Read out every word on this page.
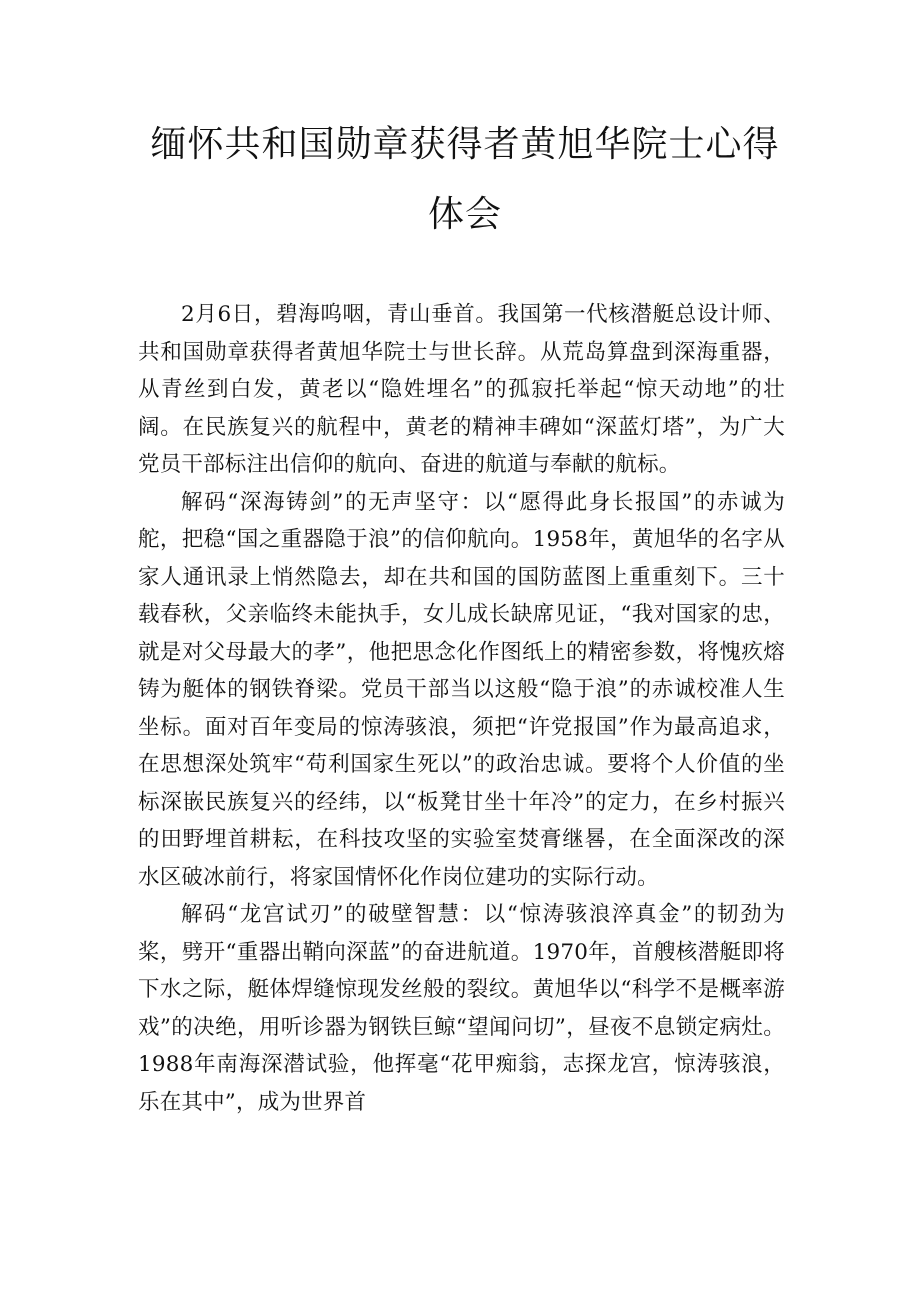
缅怀共和国勋章获得者黄旭华院士心得体会

2月6日，碧海呜咽，青山垂首。我国第一代核潜艇总设计师、共和国勋章获得者黄旭华院士与世长辞。从荒岛算盘到深海重器，从青丝到白发，黄老以“隐姓埋名”的孤寂托举起“惊天动地”的壮阔。在民族复兴的航程中，黄老的精神丰碑如“深蓝灯塔”，为广大党员干部标注出信仰的航向、奋进的航道与奉献的航标。

解码“深海铸剑”的无声坚守：以“愿得此身长报国”的赤诚为舵，把稳“国之重器隐于浪”的信仰航向。1958年，黄旭华的名字从家人通讯录上悄然隐去，却在共和国的国防蓝图上重重刻下。三十载春秋，父亲临终未能执手，女儿成长缺席见证，“我对国家的忠，就是对父母最大的孝”，他把思念化作图纸上的精密参数，将愧疚熔铸为艇体的钢铁脊梁。党员干部当以这般“隐于浪”的赤诚校准人生坐标。面对百年变局的惊涛骇浪，须把“许党报国”作为最高追求，在思想深处筑牢“苟利国家生死以”的政治忠诚。要将个人价值的坐标深嵌民族复兴的经纬，以“板凳甘坐十年冷”的定力，在乡村振兴的田野埋首耕耘，在科技攻坚的实验室焚膏继晷，在全面深改的深水区破冰前行，将家国情怀化作岗位建功的实际行动。

解码“龙宫试刃”的破壁智慧：以“惊涛骇浪淬真金”的韧劲为桨，劈开“重器出鞘向深蓝”的奋进航道。1970年，首艘核潜艇即将下水之际，艇体焊缝惊现发丝般的裂纹。黄旭华以“科学不是概率游戏”的决绝，用听诊器为钢铁巨鲸“望闻问切”，昼夜不息锁定病灶。1988年南海深潜试验，他挥毫“花甲痴翁，志探龙宫，惊涛骇浪，乐在其中”，成为世界首
